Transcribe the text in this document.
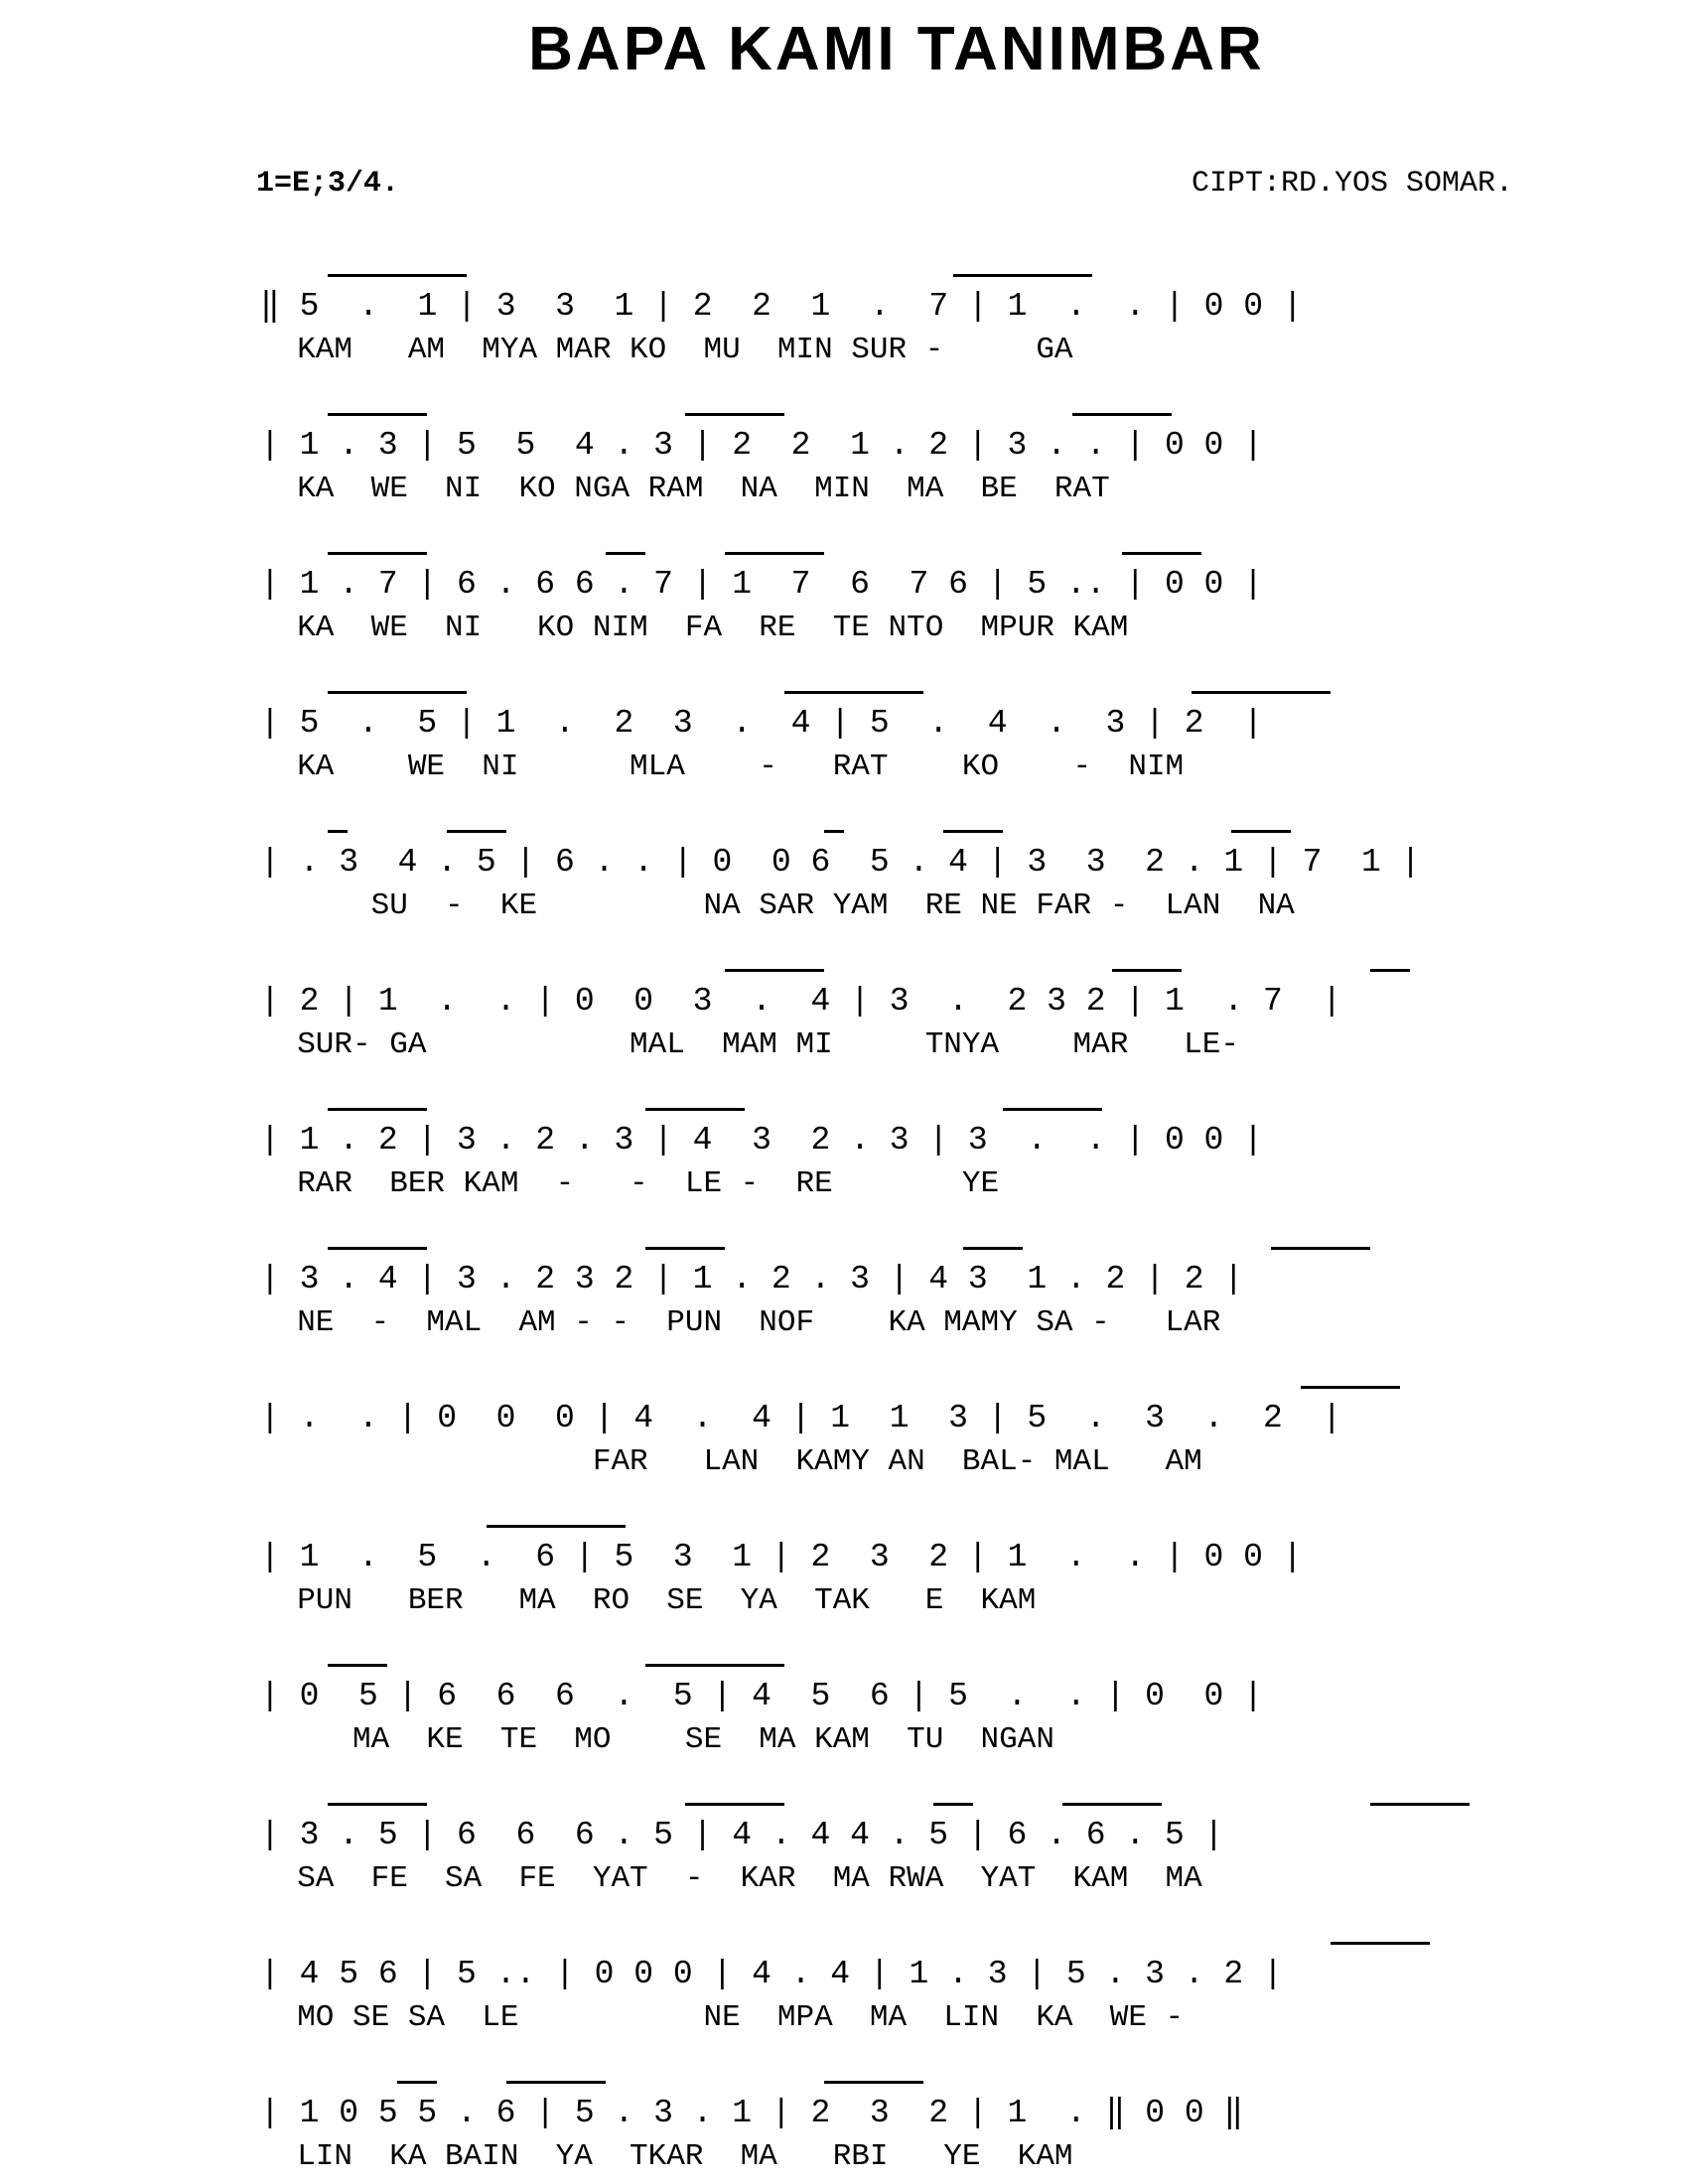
BAPA KAMI TANIMBAR
1=E;3/4.	CIPT:RD.YOS SOMAR.
‖ 5  .  1 | 3  3  1 | 2  2  1  .  7 | 1  .  . | 0 0 |
KAM   AM  MYA MAR KO  MU  MIN SUR -     GA
| 1 . 3 | 5  5  4 . 3 | 2  2  1 . 2 | 3 . . | 0 0 |
KA  WE  NI  KO NGA RAM  NA  MIN  MA  BE  RAT
| 1 . 7 | 6 . 6 6 . 7 | 1  7  6  7 6 | 5 .. | 0 0 |
KA  WE  NI   KO NIM  FA  RE  TE NTO  MPUR KAM
| 5  .  5 | 1  .  2  3  .  4 | 5  .  4  .  3 | 2  |
KA    WE  NI      MLA    -   RAT    KO    -  NIM
| . 3  4 . 5 | 6 . . | 0  0 6  5 . 4 | 3  3  2 . 1 | 7  1 |
SU  -  KE         NA SAR YAM  RE NE FAR -  LAN  NA
| 2 | 1  .  . | 0  0  3  .  4 | 3  .  2 3 2 | 1  . 7  |
SUR- GA           MAL  MAM MI     TNYA    MAR   LE-
| 1 . 2 | 3 . 2 . 3 | 4  3  2 . 3 | 3  .  . | 0 0 |
RAR  BER KAM  -   -  LE -  RE       YE
| 3 . 4 | 3 . 2 3 2 | 1 . 2 . 3 | 4 3  1 . 2 | 2 |
NE  -  MAL  AM - -  PUN  NOF    KA MAMY SA -   LAR
| .  . | 0  0  0 | 4  .  4 | 1  1  3 | 5  .  3  .  2  |
FAR   LAN  KAMY AN  BAL- MAL   AM
| 1  .  5  .  6 | 5  3  1 | 2  3  2 | 1  .  . | 0 0 |
PUN   BER   MA  RO  SE  YA  TAK   E  KAM
| 0  5 | 6  6  6  .  5 | 4  5  6 | 5  .  . | 0  0 |
MA  KE  TE  MO    SE  MA KAM  TU  NGAN
| 3 . 5 | 6  6  6 . 5 | 4 . 4 4 . 5 | 6 . 6 . 5 |
SA  FE  SA  FE  YAT  -  KAR  MA RWA  YAT  KAM  MA
| 4 5 6 | 5 .. | 0 0 0 | 4 . 4 | 1 . 3 | 5 . 3 . 2 |
MO SE SA  LE          NE  MPA  MA  LIN  KA  WE -
| 1 0 5 5 . 6 | 5 . 3 . 1 | 2  3  2 | 1  . ‖ 0 0 ‖
LIN  KA BAIN  YA  TKAR  MA   RBI   YE  KAM
